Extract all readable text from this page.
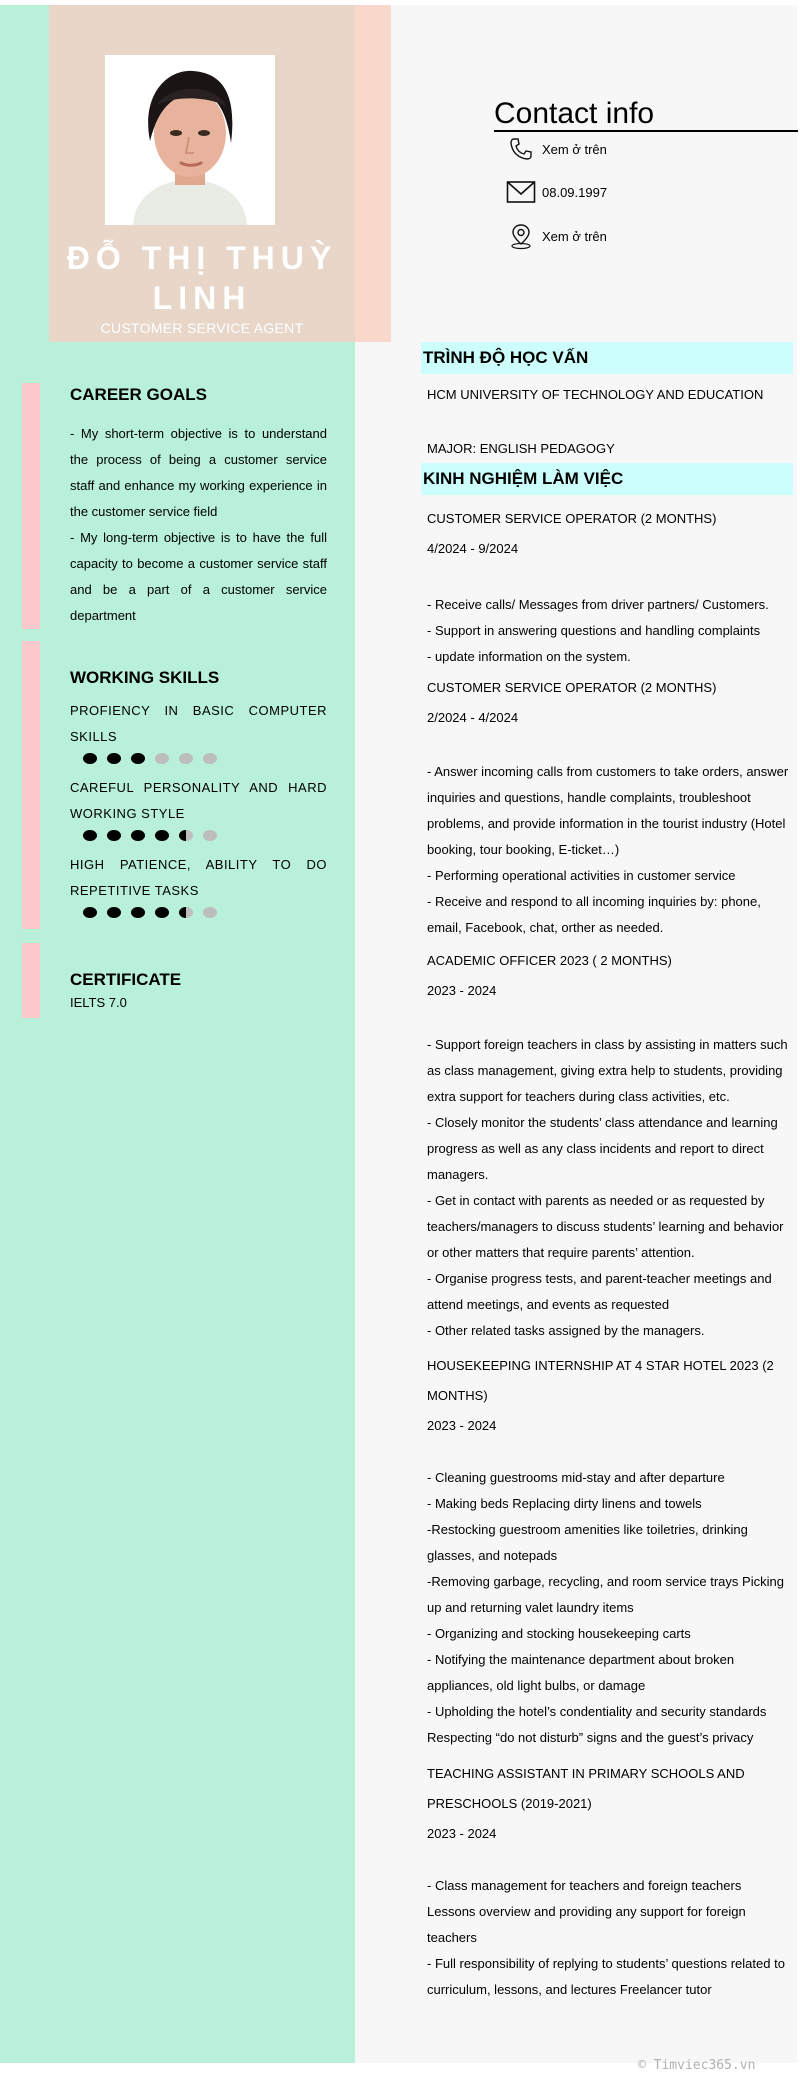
ĐỖ THỊ THUỲ LINH
CUSTOMER SERVICE AGENT
Contact info
Xem ở trên
08.09.1997
Xem ở trên
CAREER GOALS
- My short-term objective is to understand the process of being a customer service staff and enhance my working experience in the customer service field
- My long-term objective is to have the full capacity to become a customer service staff and be a part of a customer service department
WORKING SKILLS
PROFIENCY IN BASIC COMPUTER SKILLS
CAREFUL PERSONALITY AND HARD WORKING STYLE
HIGH PATIENCE, ABILITY TO DO REPETITIVE TASKS
CERTIFICATE
IELTS 7.0
TRÌNH ĐỘ HỌC VẤN
HCM UNIVERSITY OF TECHNOLOGY AND EDUCATION
MAJOR: ENGLISH PEDAGOGY
KINH NGHIỆM LÀM VIỆC
CUSTOMER SERVICE OPERATOR (2 MONTHS)
4/2024 - 9/2024
- Receive calls/ Messages from driver partners/ Customers.
- Support in answering questions and handling complaints
- update information on the system.
CUSTOMER SERVICE OPERATOR (2 MONTHS)
2/2024 - 4/2024
- Answer incoming calls from customers to take orders, answer inquiries and questions, handle complaints, troubleshoot problems, and provide information in the tourist industry (Hotel booking, tour booking, E-ticket…)
- Performing operational activities in customer service
- Receive and respond to all incoming inquiries by: phone, email, Facebook, chat, orther as needed.
ACADEMIC OFFICER 2023 ( 2 MONTHS)
2023 - 2024
- Support foreign teachers in class by assisting in matters such as class management, giving extra help to students, providing extra support for teachers during class activities, etc.
- Closely monitor the students’ class attendance and learning progress as well as any class incidents and report to direct managers.
- Get in contact with parents as needed or as requested by teachers/managers to discuss students’ learning and behavior or other matters that require parents’ attention.
- Organise progress tests, and parent-teacher meetings and attend meetings, and events as requested
- Other related tasks assigned by the managers.
HOUSEKEEPING INTERNSHIP AT 4 STAR HOTEL 2023 (2 MONTHS)
2023 - 2024
- Cleaning guestrooms mid-stay and after departure
- Making beds Replacing dirty linens and towels
-Restocking guestroom amenities like toiletries, drinking glasses, and notepads
-Removing garbage, recycling, and room service trays Picking up and returning valet laundry items
- Organizing and stocking housekeeping carts
- Notifying the maintenance department about broken appliances, old light bulbs, or damage
- Upholding the hotel’s condentiality and security standards Respecting “do not disturb” signs and the guest’s privacy
TEACHING ASSISTANT IN PRIMARY SCHOOLS AND PRESCHOOLS (2019-2021)
2023 - 2024
- Class management for teachers and foreign teachers Lessons overview and providing any support for foreign teachers
- Full responsibility of replying to students’ questions related to curriculum, lessons, and lectures Freelancer tutor
© Timviec365.vn
